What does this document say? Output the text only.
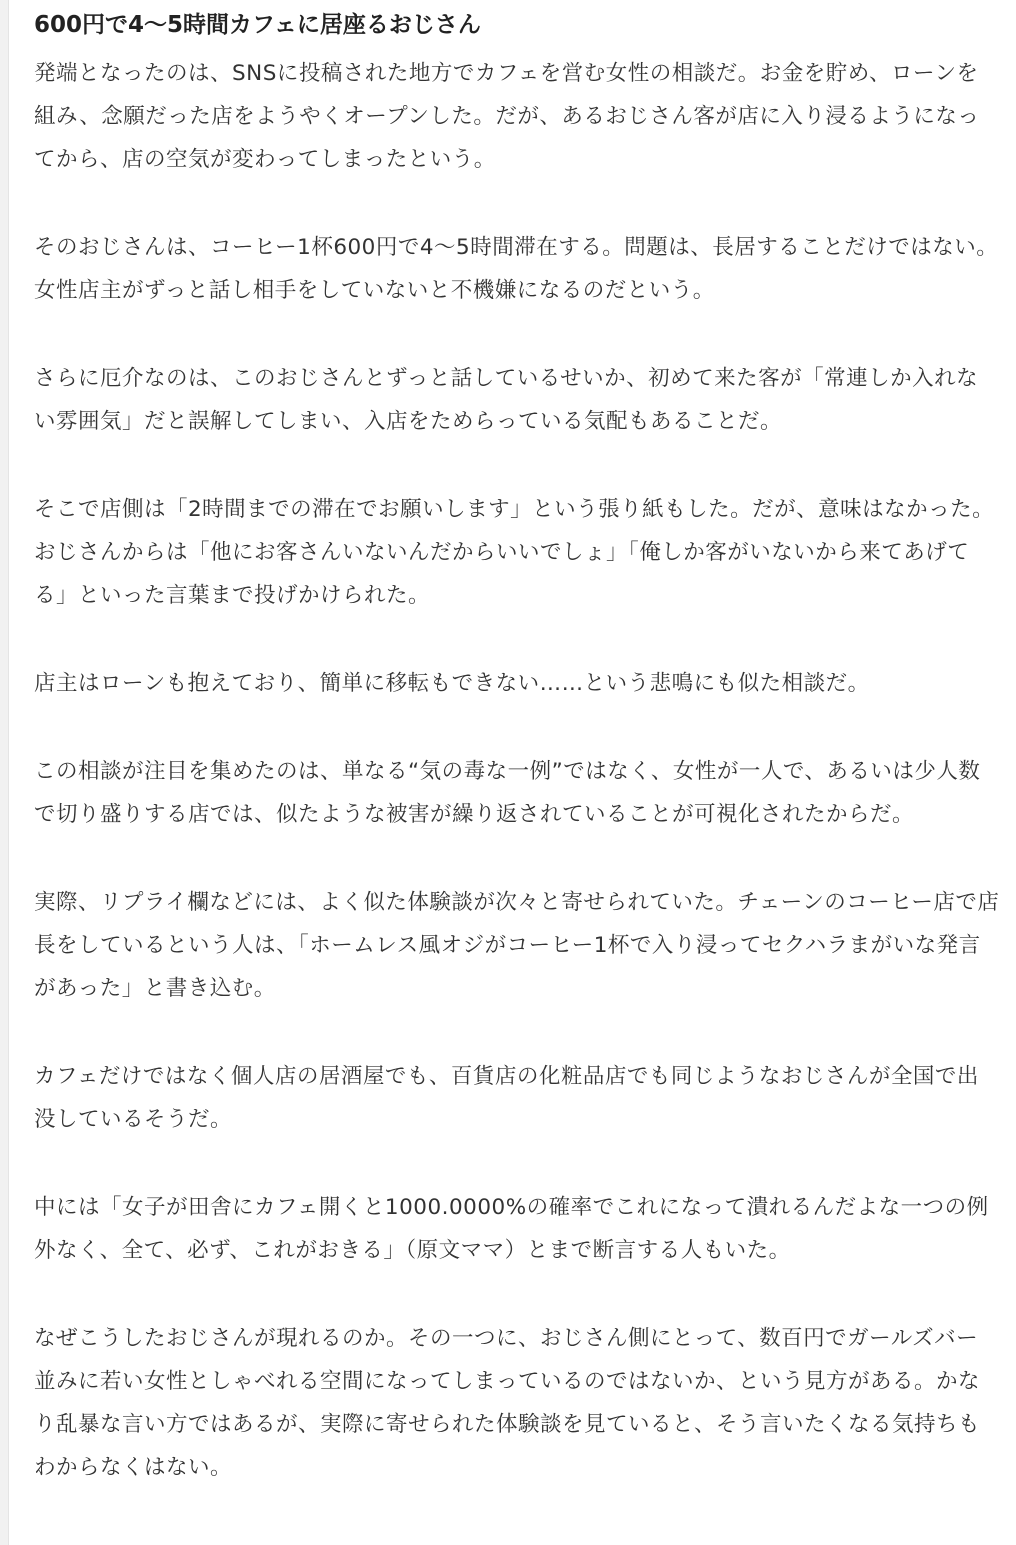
600円で4〜5時間カフェに居座るおじさん

発端となったのは、SNSに投稿された地方でカフェを営む女性の相談だ。お金を貯め、ローンを組み、念願だった店をようやくオープンした。だが、あるおじさん客が店に入り浸るようになってから、店の空気が変わってしまったという。

そのおじさんは、コーヒー1杯600円で4〜5時間滞在する。問題は、長居することだけではない。女性店主がずっと話し相手をしていないと不機嫌になるのだという。

さらに厄介なのは、このおじさんとずっと話しているせいか、初めて来た客が「常連しか入れない雰囲気」だと誤解してしまい、入店をためらっている気配もあることだ。

そこで店側は「2時間までの滞在でお願いします」という張り紙もした。だが、意味はなかった。おじさんからは「他にお客さんいないんだからいいでしょ」「俺しか客がいないから来てあげてる」といった言葉まで投げかけられた。

店主はローンも抱えており、簡単に移転もできない……という悲鳴にも似た相談だ。

この相談が注目を集めたのは、単なる“気の毒な一例”ではなく、女性が一人で、あるいは少人数で切り盛りする店では、似たような被害が繰り返されていることが可視化されたからだ。

実際、リプライ欄などには、よく似た体験談が次々と寄せられていた。チェーンのコーヒー店で店長をしているという人は、「ホームレス風オジがコーヒー1杯で入り浸ってセクハラまがいな発言があった」と書き込む。

カフェだけではなく個人店の居酒屋でも、百貨店の化粧品店でも同じようなおじさんが全国で出没しているそうだ。

中には「女子が田舎にカフェ開くと1000.0000%の確率でこれになって潰れるんだよな一つの例外なく、全て、必ず、これがおきる」（原文ママ）とまで断言する人もいた。

なぜこうしたおじさんが現れるのか。その一つに、おじさん側にとって、数百円でガールズバー並みに若い女性としゃべれる空間になってしまっているのではないか、という見方がある。かなり乱暴な言い方ではあるが、実際に寄せられた体験談を見ていると、そう言いたくなる気持ちもわからなくはない。
